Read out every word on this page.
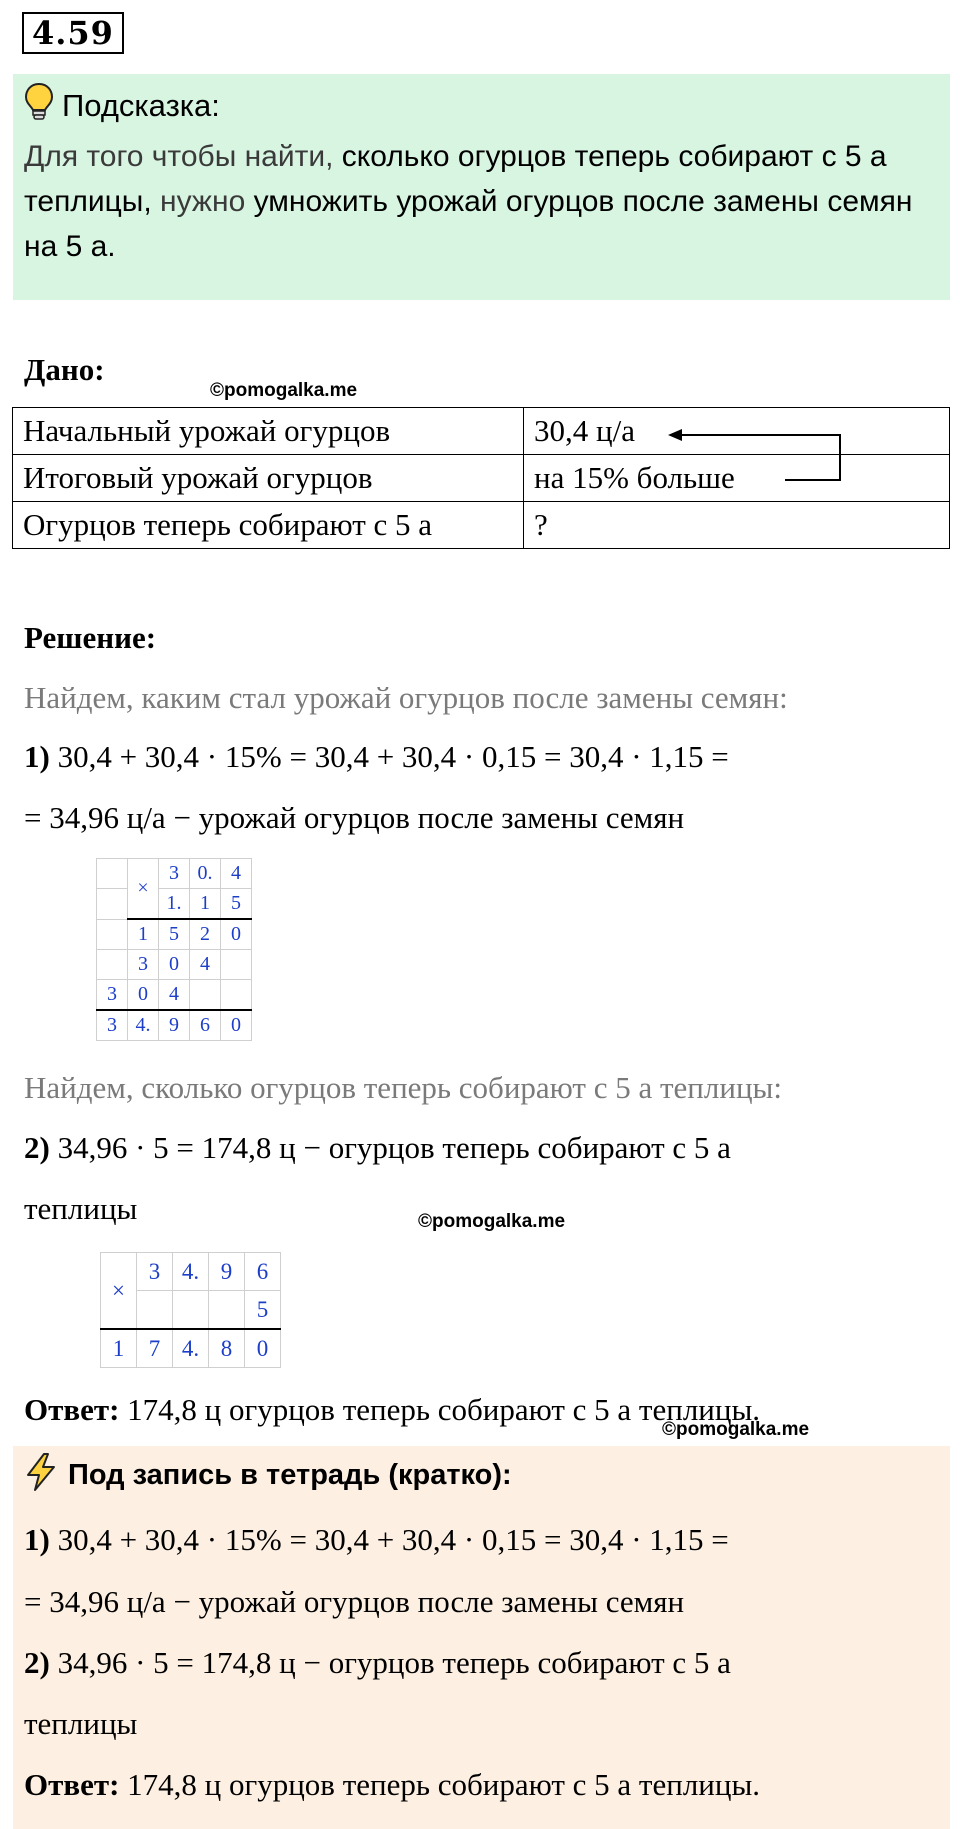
4.59
Подсказка:
Для того чтобы найти, сколько огурцов теперь собирают с 5 а теплицы, нужно умножить урожай огурцов после замены семян на 5 а.
Дано:
©pomogalka.me
Начальный урожай огурцов	30,4 ц/а
Итоговый урожай огурцов	на 15% больше
Огурцов теперь собирают с 5 а	?
Решение:
Найдем, каким стал урожай огурцов после замены семян:
1) 30,4 + 30,4 · 15% = 30,4 + 30,4 · 0,15 = 30,4 · 1,15 =
= 34,96 ц/а − урожай огурцов после замены семян
	×	3	0.	4
		1.	1	5
	1	5	2	0
	3	0	4	
3	0	4		
3	4.	9	6	0
Найдем, сколько огурцов теперь собирают с 5 а теплицы:
2) 34,96 · 5 = 174,8 ц − огурцов теперь собирают с 5 а
теплицы	©pomogalka.me
×	3	4.	9	6
				5
1	7	4.	8	0
Ответ: 174,8 ц огурцов теперь собирают с 5 а теплицы.
©pomogalka.me
Под запись в тетрадь (кратко):
1) 30,4 + 30,4 · 15% = 30,4 + 30,4 · 0,15 = 30,4 · 1,15 =
= 34,96 ц/а − урожай огурцов после замены семян
2) 34,96 · 5 = 174,8 ц − огурцов теперь собирают с 5 а
теплицы
Ответ: 174,8 ц огурцов теперь собирают с 5 а теплицы.
